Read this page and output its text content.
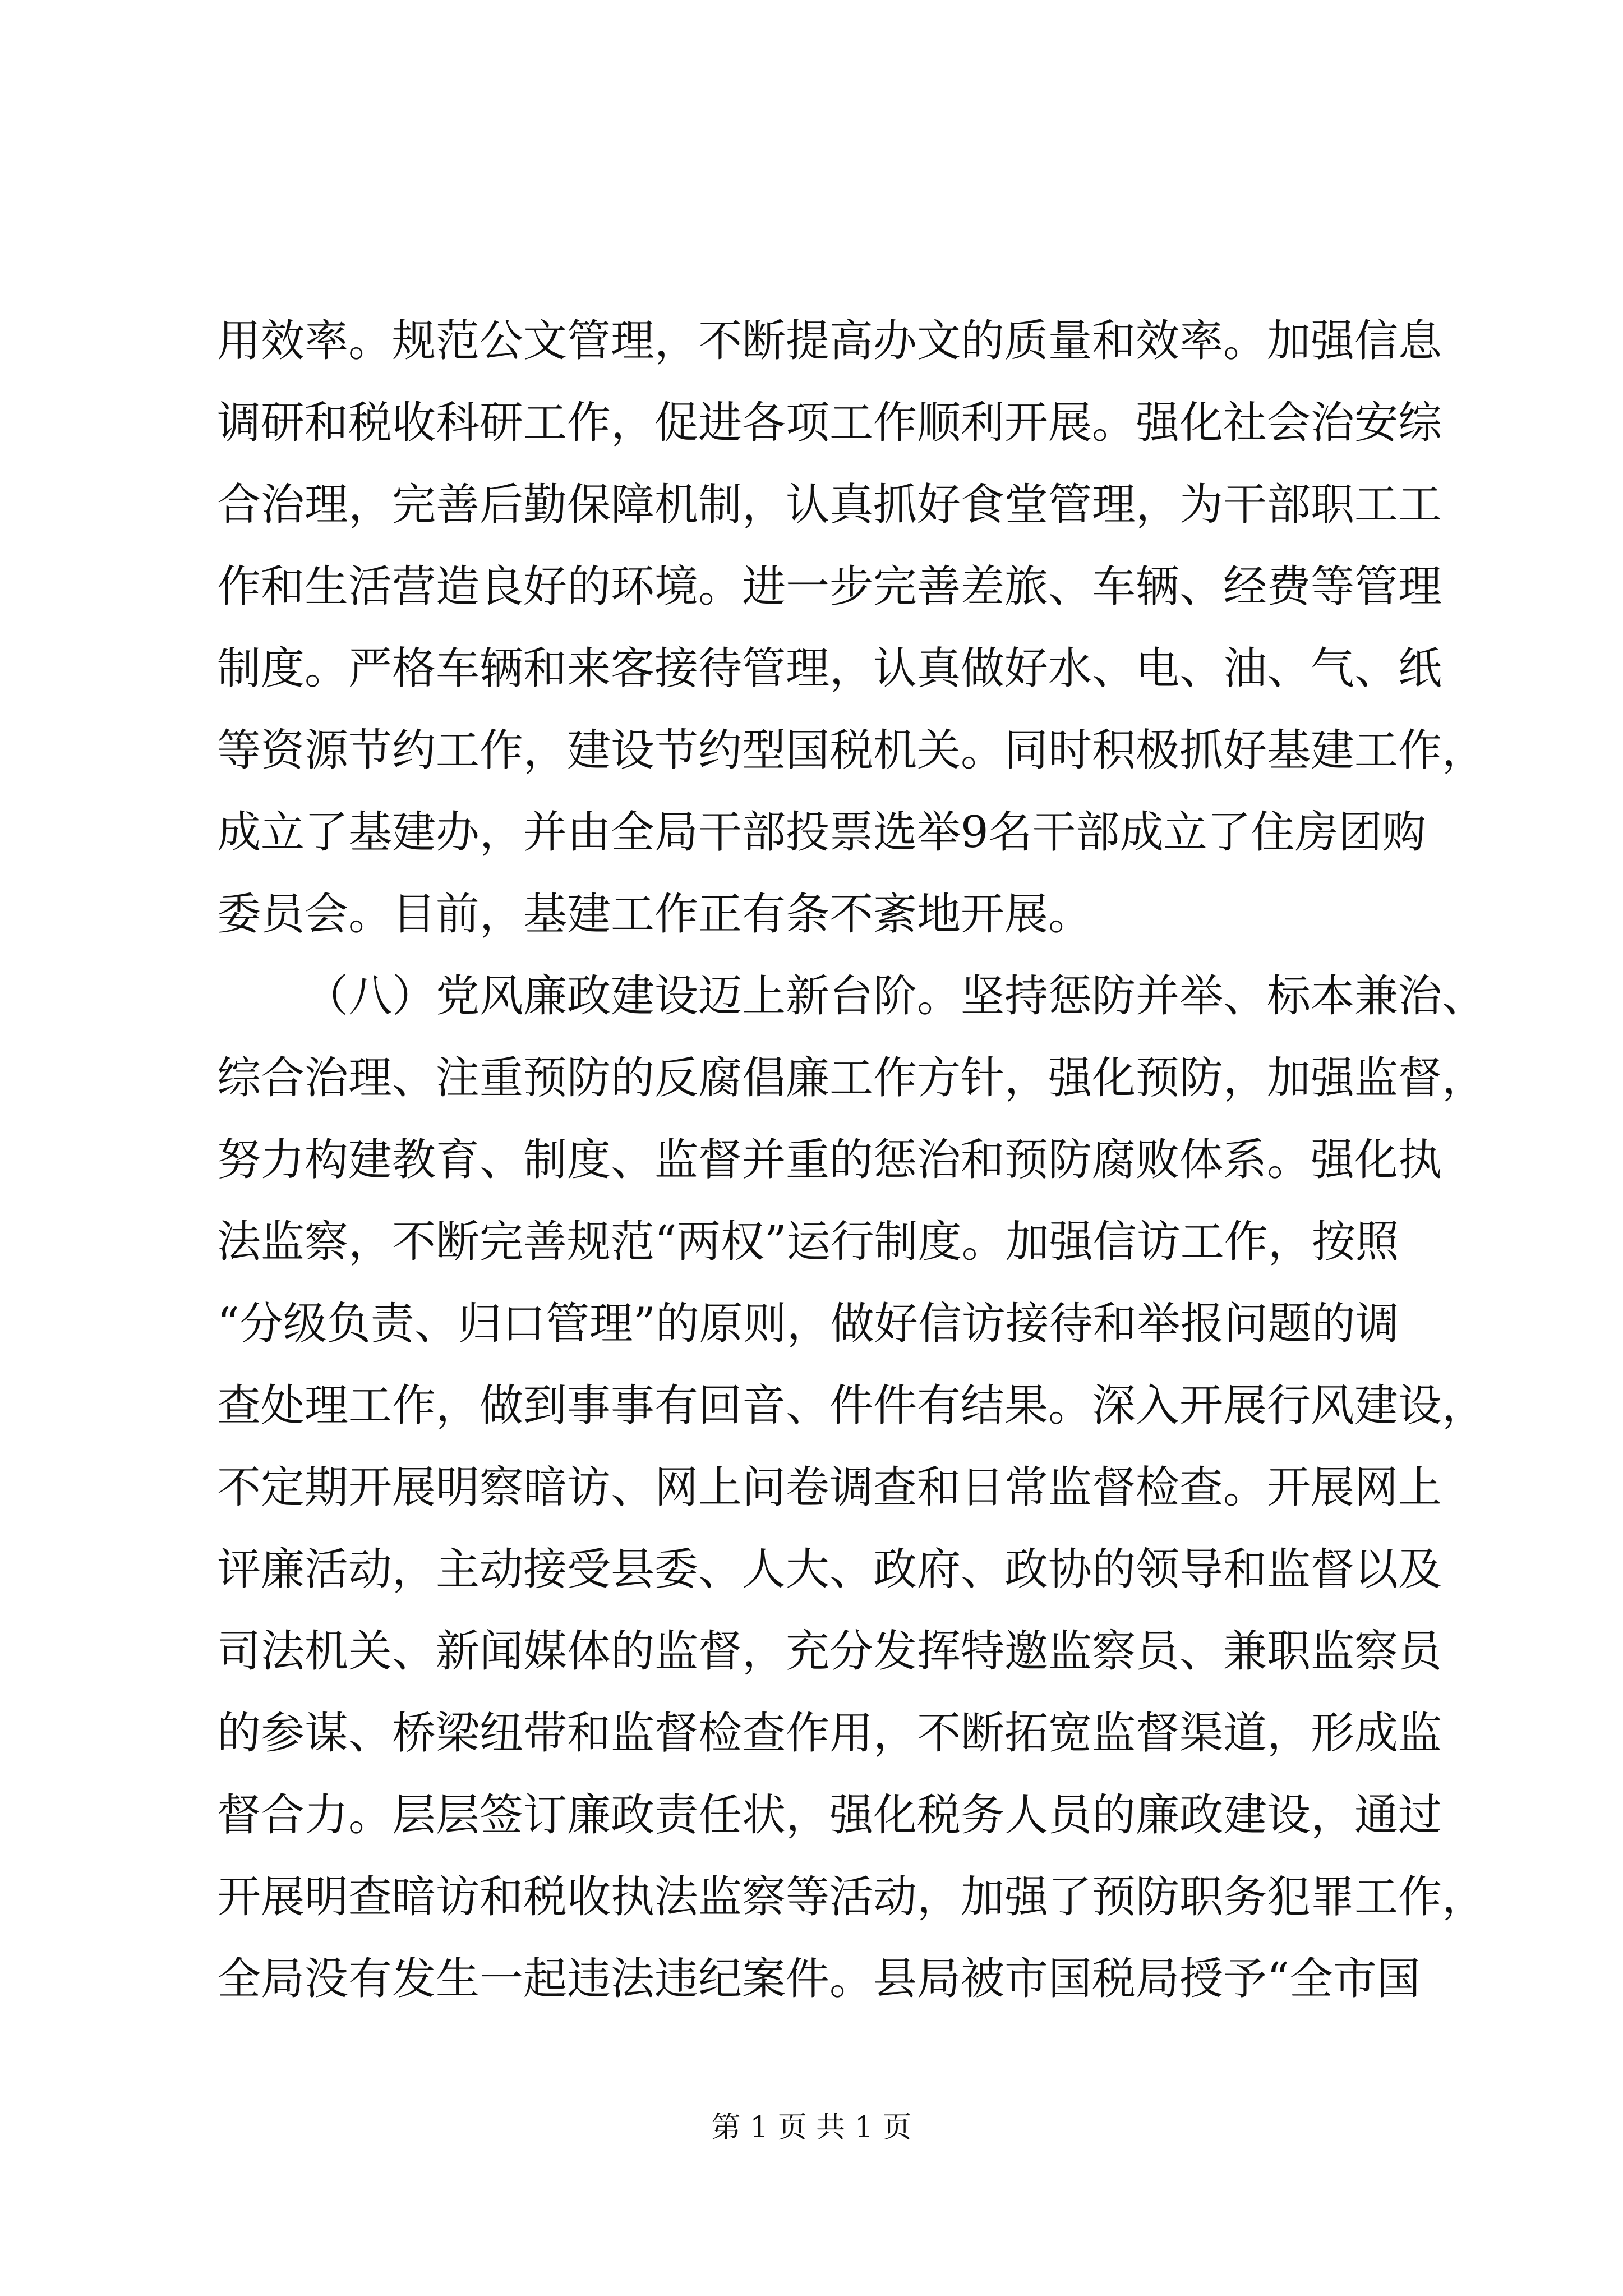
用效率。规范公文管理，不断提高办文的质量和效率。加强信息
调研和税收科研工作，促进各项工作顺利开展。强化社会治安综
合治理，完善后勤保障机制，认真抓好食堂管理，为干部职工工
作和生活营造良好的环境。进一步完善差旅、车辆、经费等管理
制度。严格车辆和来客接待管理，认真做好水、电、油、气、纸
等资源节约工作，建设节约型国税机关。同时积极抓好基建工作，
成立了基建办，并由全局干部投票选举9名干部成立了住房团购
委员会。目前，基建工作正有条不紊地开展。
（八）党风廉政建设迈上新台阶。坚持惩防并举、标本兼治、
综合治理、注重预防的反腐倡廉工作方针，强化预防，加强监督，
努力构建教育、制度、监督并重的惩治和预防腐败体系。强化执
法监察，不断完善规范“两权”运行制度。加强信访工作，按照
“分级负责、归口管理”的原则，做好信访接待和举报问题的调
查处理工作，做到事事有回音、件件有结果。深入开展行风建设，
不定期开展明察暗访、网上问卷调查和日常监督检查。开展网上
评廉活动，主动接受县委、人大、政府、政协的领导和监督以及
司法机关、新闻媒体的监督，充分发挥特邀监察员、兼职监察员
的参谋、桥梁纽带和监督检查作用，不断拓宽监督渠道，形成监
督合力。层层签订廉政责任状，强化税务人员的廉政建设，通过
开展明查暗访和税收执法监察等活动，加强了预防职务犯罪工作，
全局没有发生一起违法违纪案件。县局被市国税局授予“全市国
第 1 页 共 1 页
